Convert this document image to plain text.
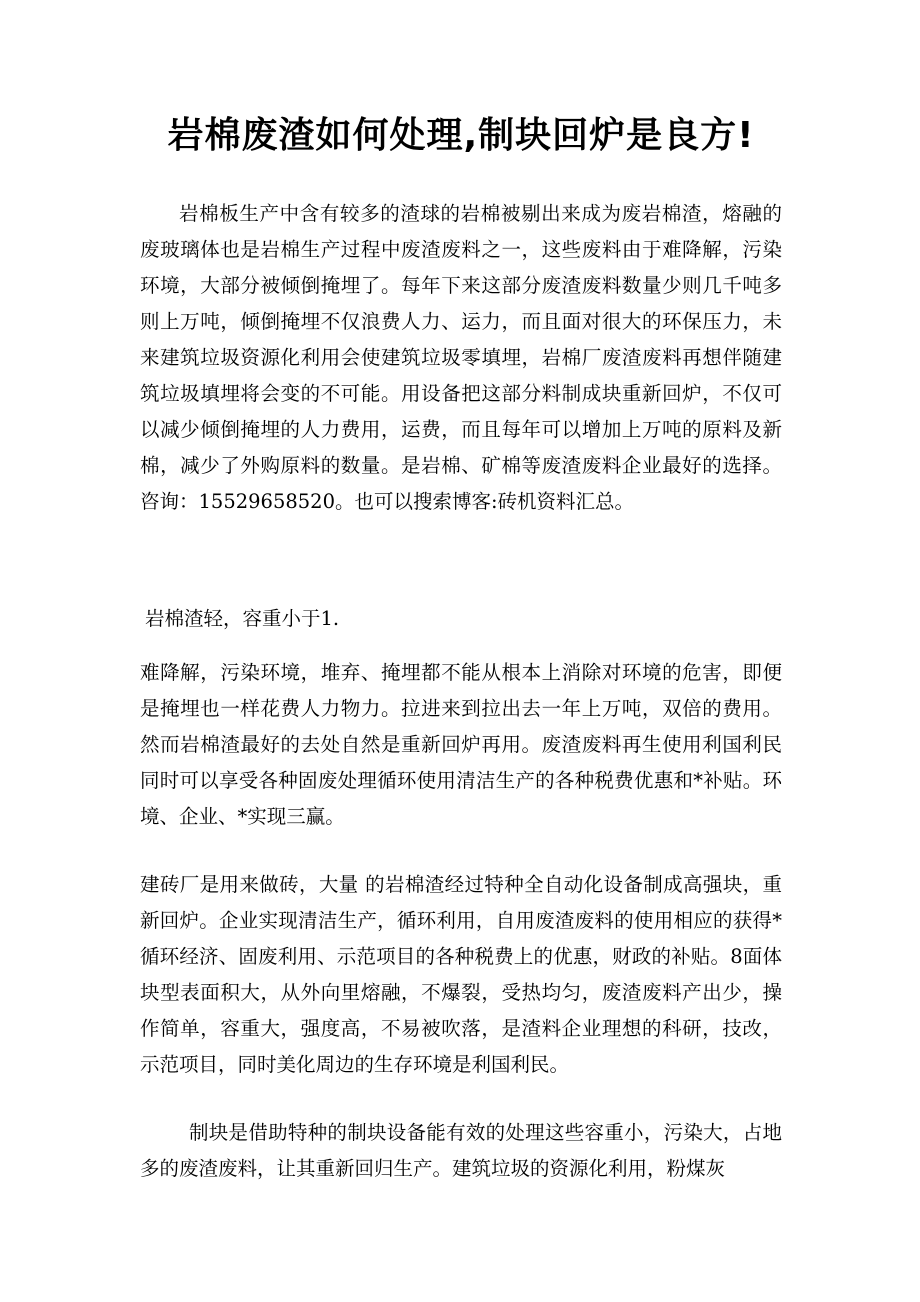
岩棉废渣如何处理,制块回炉是良方!

岩棉板生产中含有较多的渣球的岩棉被剔出来成为废岩棉渣，熔融的废玻璃体也是岩棉生产过程中废渣废料之一，这些废料由于难降解，污染环境，大部分被倾倒掩埋了。每年下来这部分废渣废料数量少则几千吨多则上万吨，倾倒掩埋不仅浪费人力、运力，而且面对很大的环保压力，未来建筑垃圾资源化利用会使建筑垃圾零填埋，岩棉厂废渣废料再想伴随建筑垃圾填埋将会变的不可能。用设备把这部分料制成块重新回炉，不仅可以减少倾倒掩埋的人力费用，运费，而且每年可以增加上万吨的原料及新棉，减少了外购原料的数量。是岩棉、矿棉等废渣废料企业最好的选择。咨询：15529658520。也可以搜索博客:砖机资料汇总。

岩棉渣轻，容重小于1.

难降解，污染环境，堆弃、掩埋都不能从根本上消除对环境的危害，即便是掩埋也一样花费人力物力。拉进来到拉出去一年上万吨，双倍的费用。然而岩棉渣最好的去处自然是重新回炉再用。废渣废料再生使用利国利民同时可以享受各种固废处理循环使用清洁生产的各种税费优惠和*补贴。环境、企业、*实现三赢。

建砖厂是用来做砖，大量 的岩棉渣经过特种全自动化设备制成高强块，重新回炉。企业实现清洁生产，循环利用，自用废渣废料的使用相应的获得*循环经济、固废利用、示范项目的各种税费上的优惠，财政的补贴。8面体块型表面积大，从外向里熔融，不爆裂，受热均匀，废渣废料产出少，操作简单，容重大，强度高，不易被吹落，是渣料企业理想的科研，技改，示范项目，同时美化周边的生存环境是利国利民。

制块是借助特种的制块设备能有效的处理这些容重小，污染大，占地多的废渣废料，让其重新回归生产。建筑垃圾的资源化利用，粉煤灰
